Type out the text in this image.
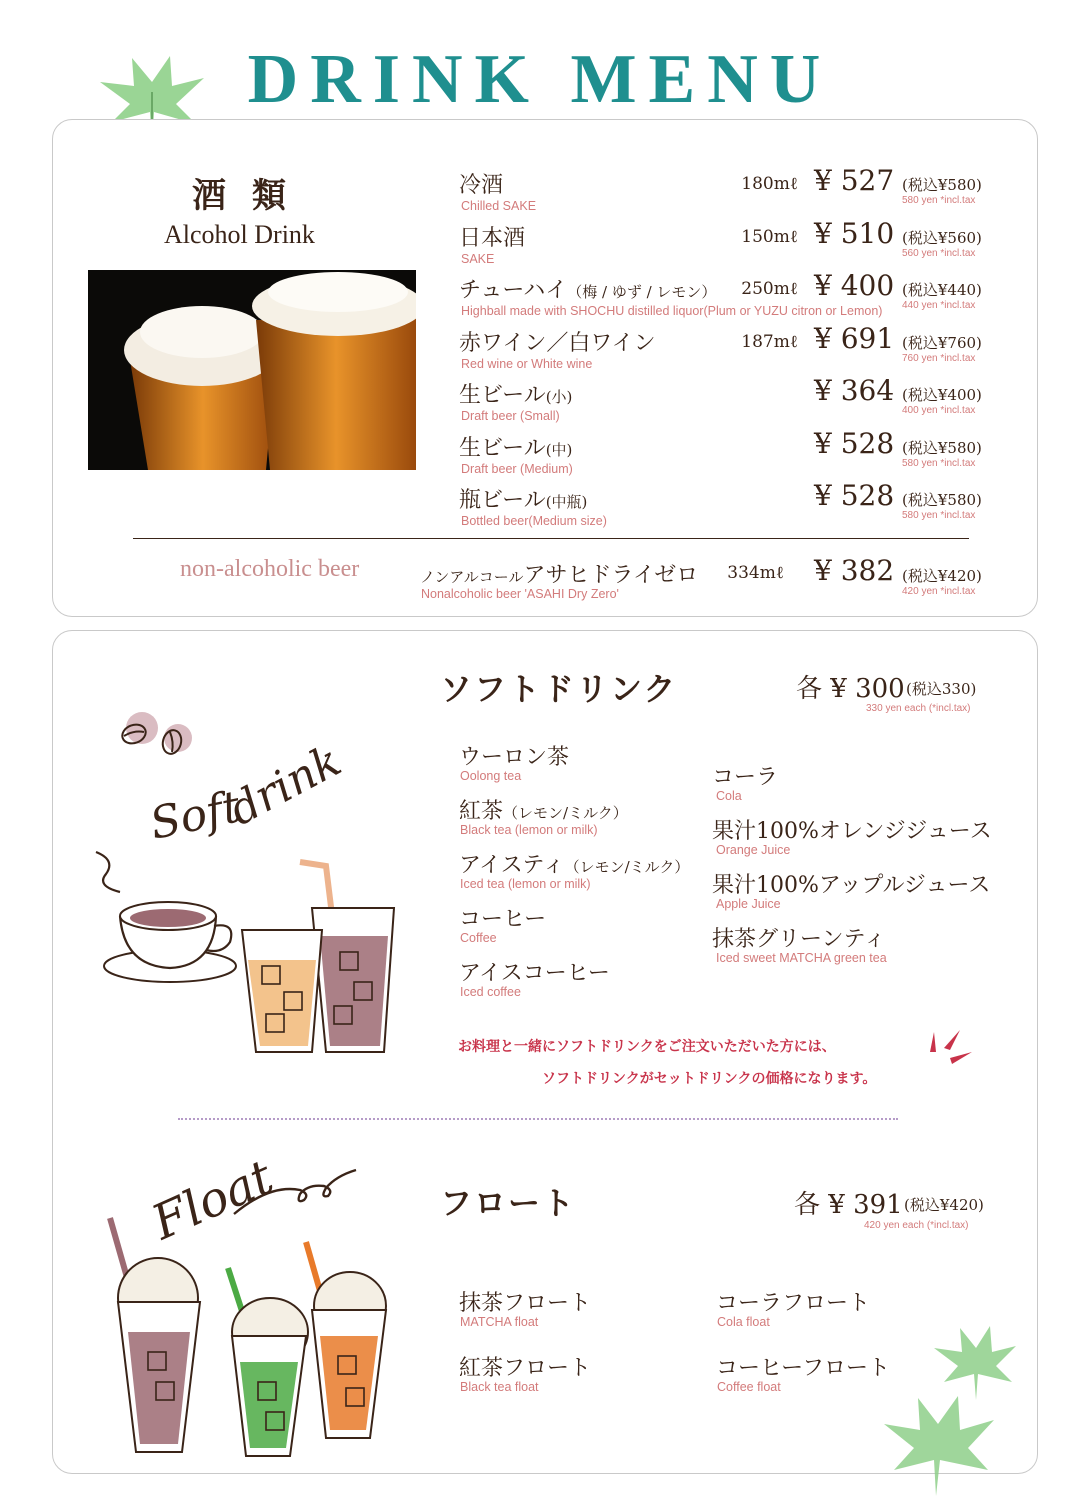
DRINK MENU
酒類
Alcohol Drink
冷酒
Chilled SAKE
180mℓ ¥ 527 (税込¥580)
580 yen *incl.tax
日本酒
SAKE
150mℓ ¥ 510 (税込¥560)
560 yen *incl.tax
チューハイ（梅 / ゆず / レモン）
Highball made with SHOCHU distilled liquor(Plum or YUZU citron or Lemon)
250mℓ ¥ 400 (税込¥440)
440 yen *incl.tax
赤ワイン／白ワイン
Red wine or White wine
187mℓ ¥ 691 (税込¥760)
760 yen *incl.tax
生ビール(小)
Draft beer (Small)
¥ 364 (税込¥400)
400 yen *incl.tax
生ビール(中)
Draft beer (Medium)
¥ 528 (税込¥580)
580 yen *incl.tax
瓶ビール(中瓶)
Bottled beer(Medium size)
¥ 528 (税込¥580)
580 yen *incl.tax
non-alcoholic beer	ノンアルコールアサヒドライゼロ
Nonalcoholic beer 'ASAHI Dry Zero'
334mℓ ¥ 382 (税込¥420)
420 yen *incl.tax
ソフトドリンク	各 ¥ 300 (税込330)
330 yen each (*incl.tax)
Soft
drink	ウーロン茶
Oolong tea
紅茶（レモン/ミルク）
Black tea (lemon or milk)
アイスティ（レモン/ミルク）
Iced tea (lemon or milk)
コーヒー
Coffee
アイスコーヒー
Iced coffee
コーラ
Cola
果汁100%オレンジジュース
Orange Juice
果汁100%アップルジュース
Apple Juice
抹茶グリーンティ
Iced sweet MATCHA green tea
お料理と一緒にソフトドリンクをご注文いただいた方には、
ソフトドリンクがセットドリンクの価格になります。
フロート	各 ¥ 391 (税込¥420)
420 yen each (*incl.tax)
Float
抹茶フロート
MATCHA float
コーラフロート
Cola float
紅茶フロート
Black tea float
コーヒーフロート
Coffee float
